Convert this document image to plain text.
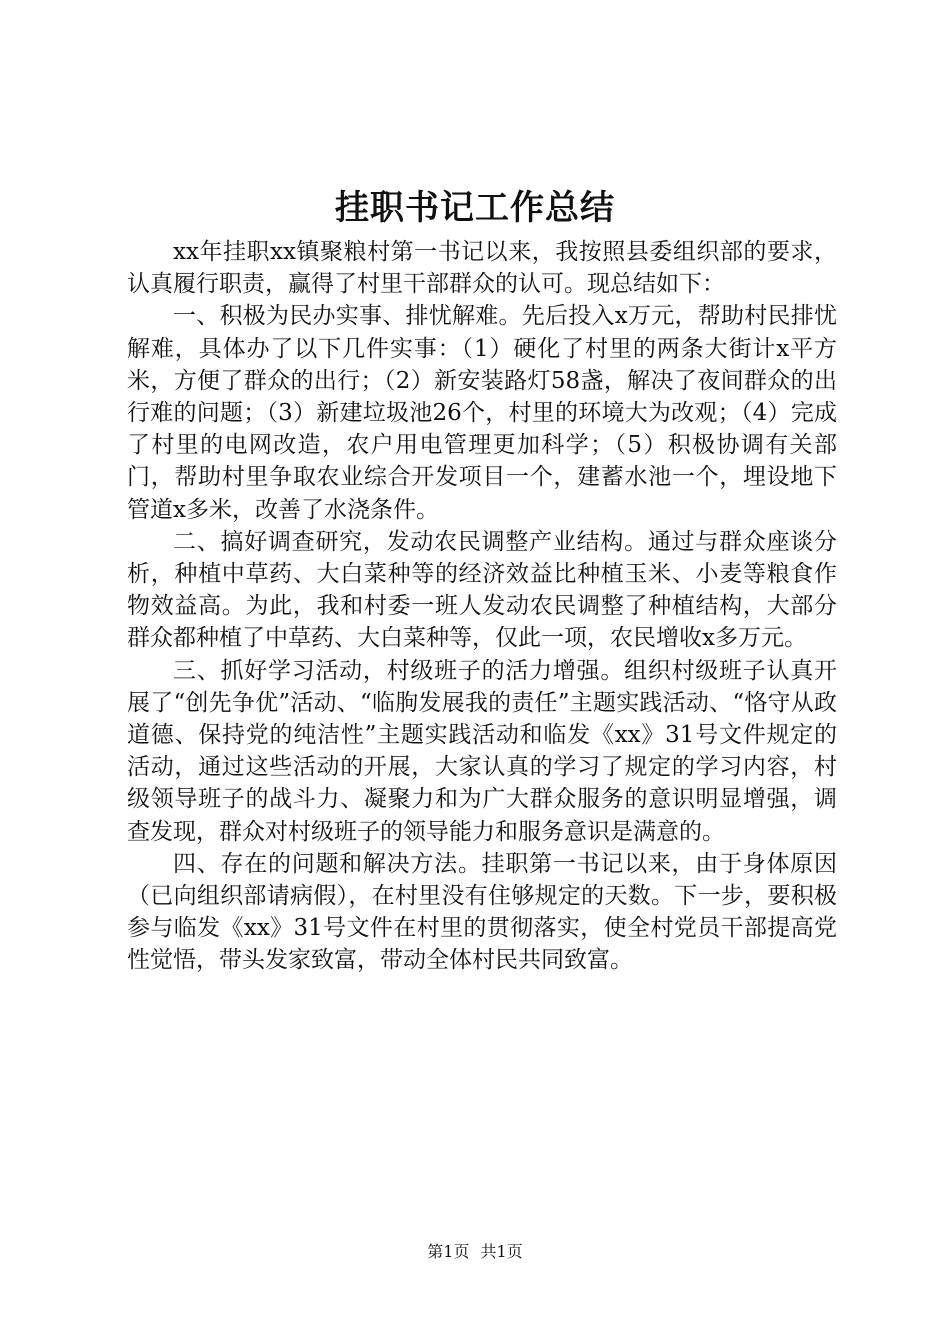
挂职书记工作总结

xx年挂职xx镇聚粮村第一书记以来，我按照县委组织部的要求，认真履行职责，赢得了村里干部群众的认可。现总结如下：

一、积极为民办实事、排忧解难。先后投入x万元，帮助村民排忧解难，具体办了以下几件实事：（1）硬化了村里的两条大街计x平方米，方便了群众的出行；（2）新安装路灯58盏，解决了夜间群众的出行难的问题；（3）新建垃圾池26个，村里的环境大为改观；（4）完成了村里的电网改造，农户用电管理更加科学；（5）积极协调有关部门，帮助村里争取农业综合开发项目一个，建蓄水池一个，埋设地下管道x多米，改善了水浇条件。

二、搞好调查研究，发动农民调整产业结构。通过与群众座谈分析，种植中草药、大白菜种等的经济效益比种植玉米、小麦等粮食作物效益高。为此，我和村委一班人发动农民调整了种植结构，大部分群众都种植了中草药、大白菜种等，仅此一项，农民增收x多万元。

三、抓好学习活动，村级班子的活力增强。组织村级班子认真开展了“创先争优”活动、“临朐发展我的责任”主题实践活动、“恪守从政道德、保持党的纯洁性”主题实践活动和临发《xx》31号文件规定的活动，通过这些活动的开展，大家认真的学习了规定的学习内容，村级领导班子的战斗力、凝聚力和为广大群众服务的意识明显增强，调查发现，群众对村级班子的领导能力和服务意识是满意的。

四、存在的问题和解决方法。挂职第一书记以来，由于身体原因（已向组织部请病假），在村里没有住够规定的天数。下一步，要积极参与临发《xx》31号文件在村里的贯彻落实，使全村党员干部提高党性觉悟，带头发家致富，带动全体村民共同致富。

第1页 共1页
